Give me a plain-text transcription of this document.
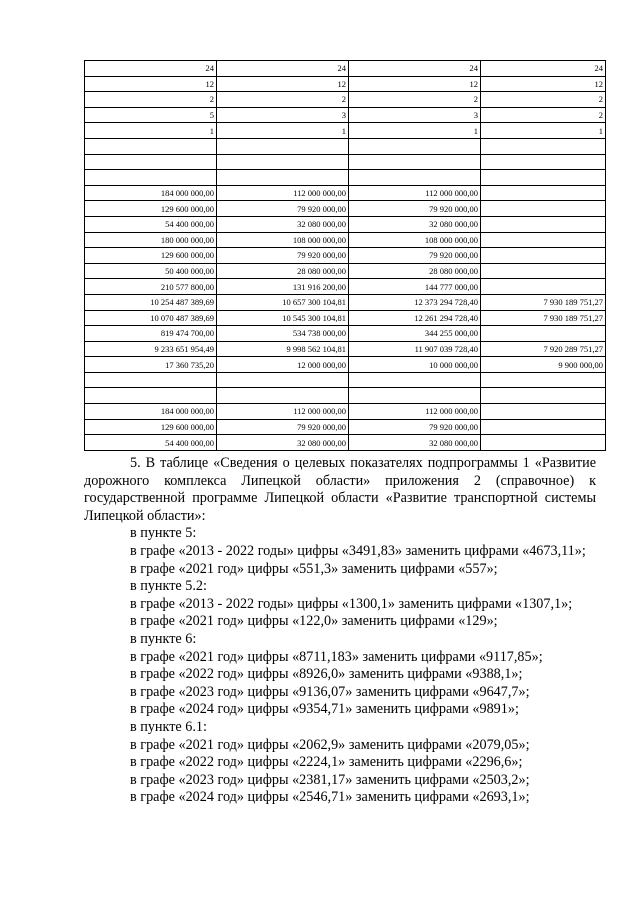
24	24	24	24
12	12	12	12
2	2	2	2
5	3	3	2
1	1	1	1

184 000 000,00	112 000 000,00	112 000 000,00	
129 600 000,00	79 920 000,00	79 920 000,00	
54 400 000,00	32 080 000,00	32 080 000,00	
180 000 000,00	108 000 000,00	108 000 000,00	
129 600 000,00	79 920 000,00	79 920 000,00	
50 400 000,00	28 080 000,00	28 080 000,00	
210 577 800,00	131 916 200,00	144 777 000,00	
10 254 487 389,69	10 657 300 104,81	12 373 294 728,40	7 930 189 751,27
10 070 487 389,69	10 545 300 104,81	12 261 294 728,40	7 930 189 751,27
819 474 700,00	534 738 000,00	344 255 000,00	
9 233 651 954,49	9 998 562 104,81	11 907 039 728,40	7 920 289 751,27
17 360 735,20	12 000 000,00	10 000 000,00	9 900 000,00

184 000 000,00	112 000 000,00	112 000 000,00	
129 600 000,00	79 920 000,00	79 920 000,00	
54 400 000,00	32 080 000,00	32 080 000,00	

5. В таблице «Сведения о целевых показателях подпрограммы 1 «Развитие дорожного комплекса Липецкой области» приложения 2 (справочное) к государственной программе Липецкой области «Развитие транспортной системы Липецкой области»:

в пункте 5:

в графе «2013 - 2022 годы» цифры «3491,83» заменить цифрами «4673,11»;

в графе «2021 год» цифры «551,3» заменить цифрами «557»;

в пункте 5.2:

в графе «2013 - 2022 годы» цифры «1300,1» заменить цифрами «1307,1»;

в графе «2021 год» цифры «122,0» заменить цифрами «129»;

в пункте 6:

в графе «2021 год» цифры «8711,183» заменить цифрами «9117,85»;

в графе «2022 год» цифры «8926,0» заменить цифрами «9388,1»;

в графе «2023 год» цифры «9136,07» заменить цифрами «9647,7»;

в графе «2024 год» цифры «9354,71» заменить цифрами «9891»;

в пункте 6.1:

в графе «2021 год» цифры «2062,9» заменить цифрами «2079,05»;

в графе «2022 год» цифры «2224,1» заменить цифрами «2296,6»;

в графе «2023 год» цифры «2381,17» заменить цифрами «2503,2»;

в графе «2024 год» цифры «2546,71» заменить цифрами «2693,1»;
